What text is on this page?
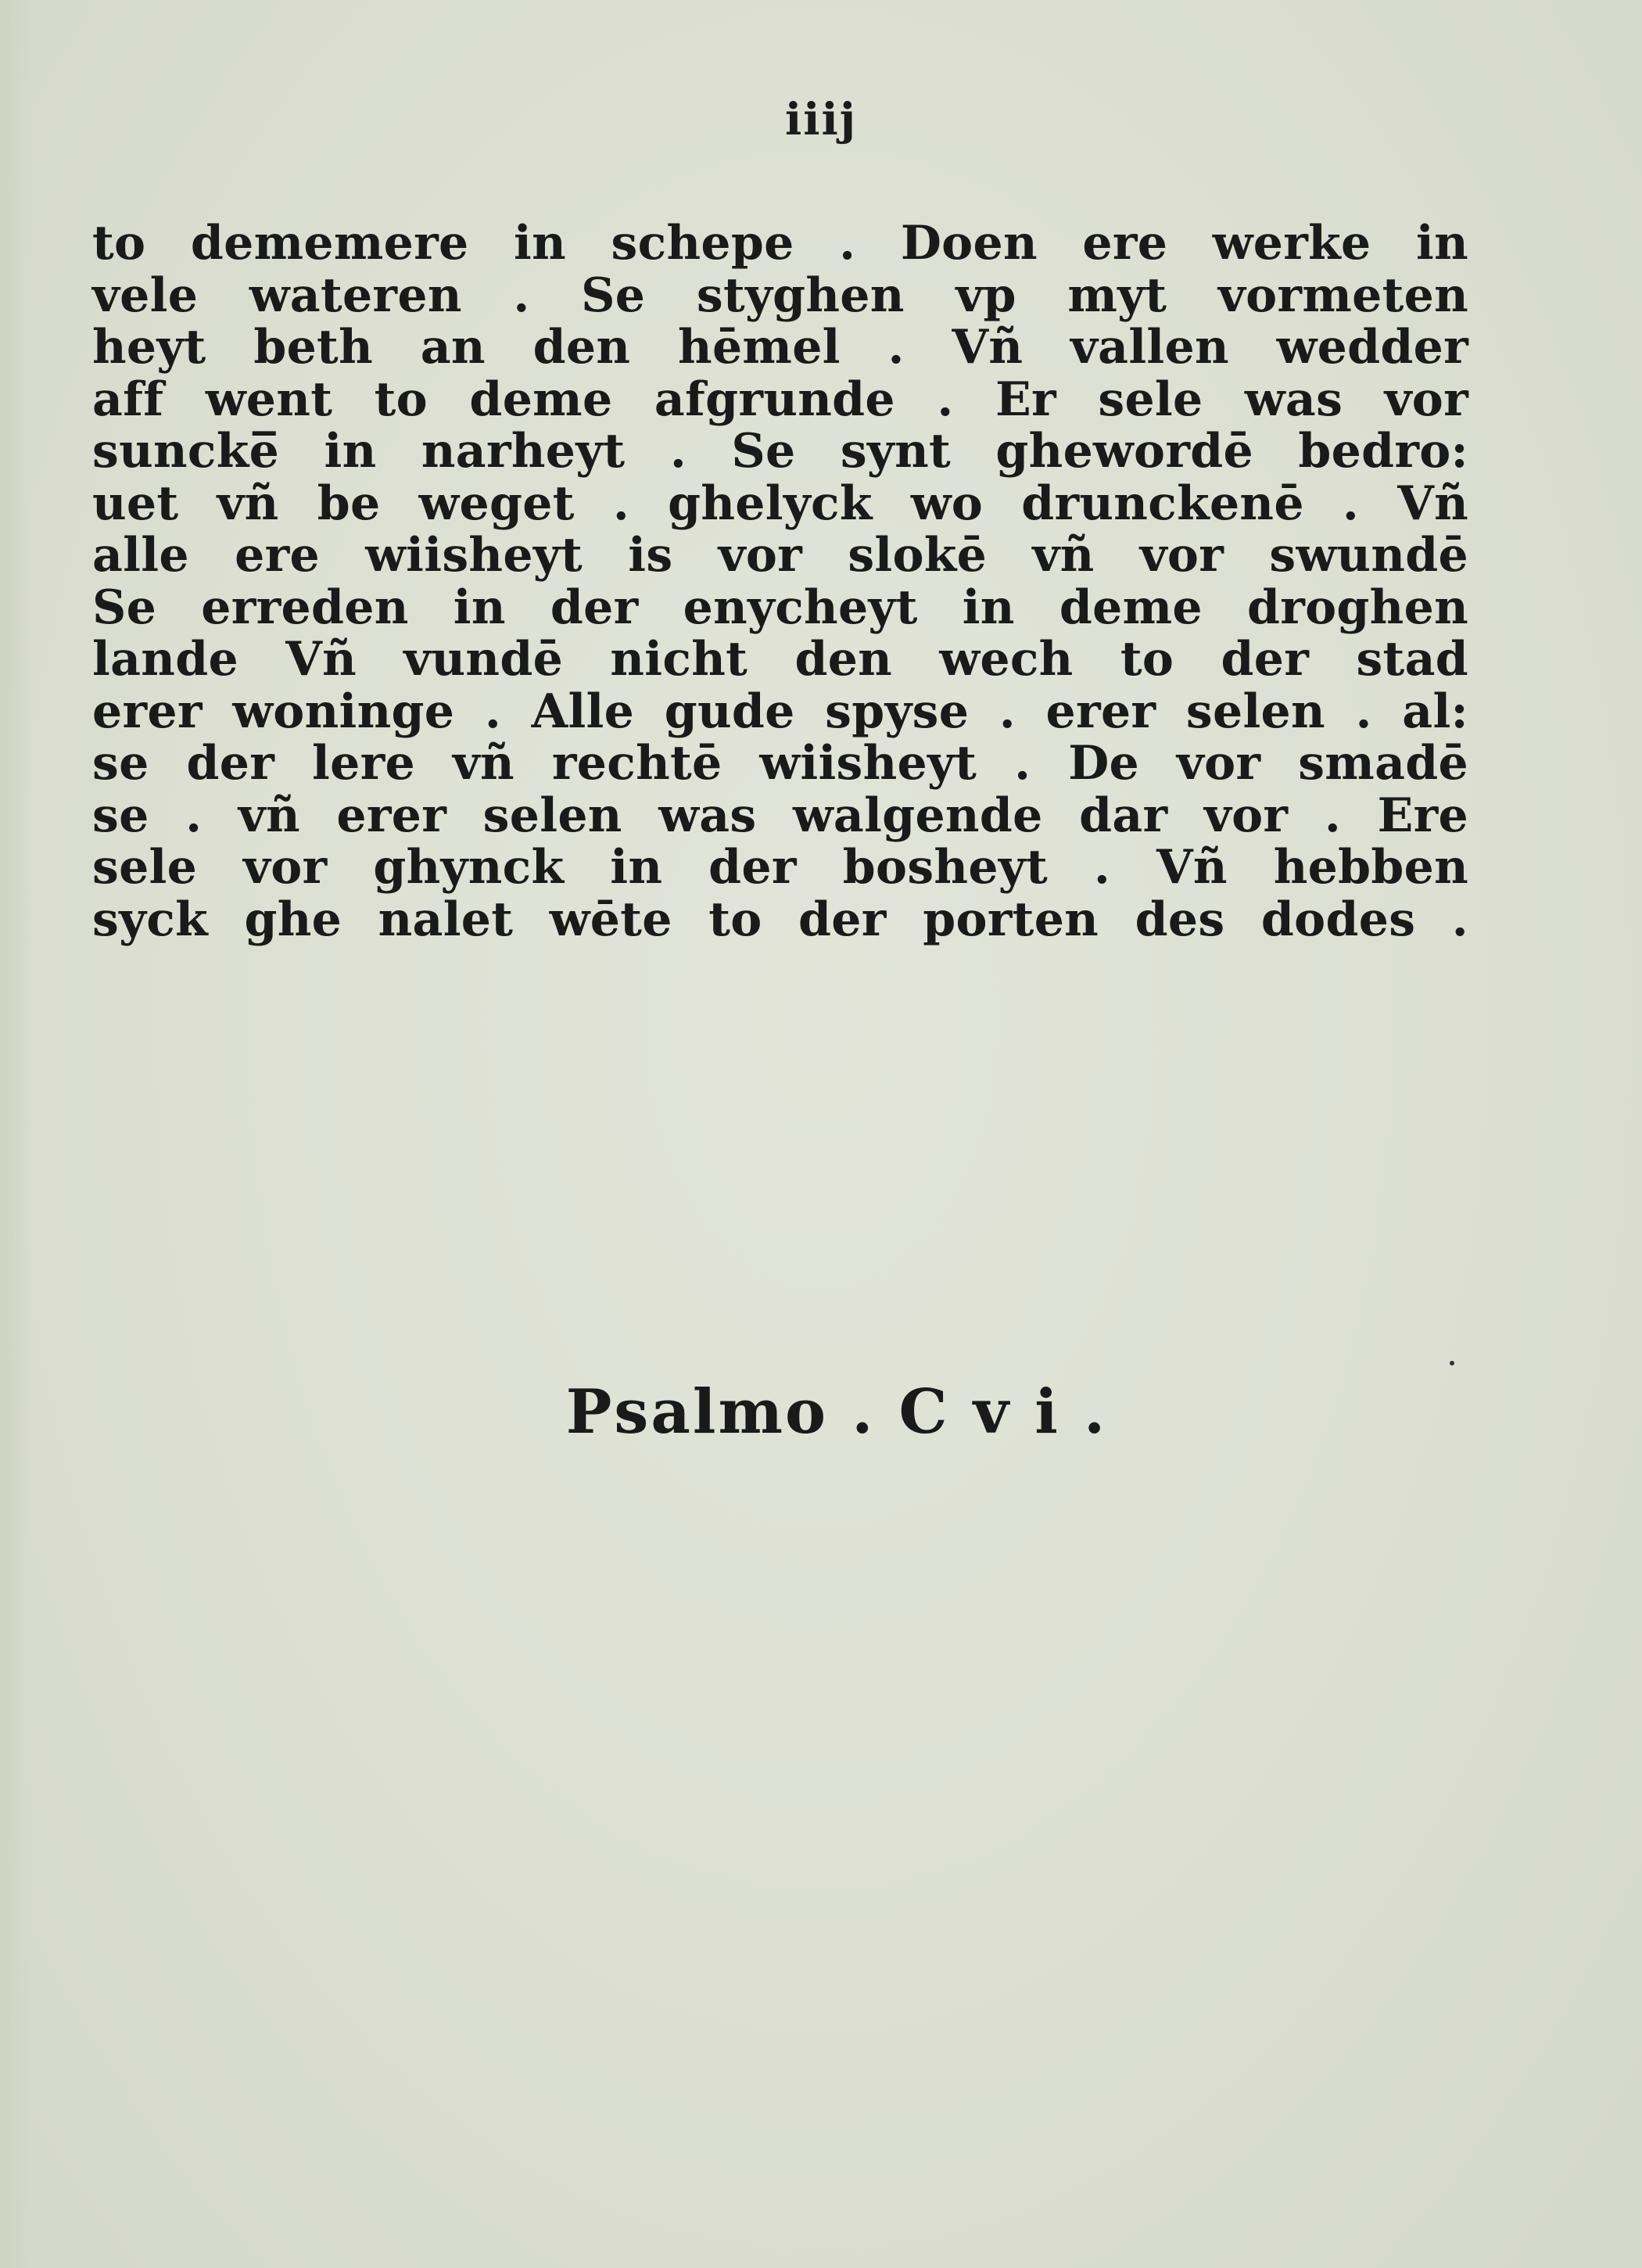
iiij
to dememere in schepe . Doen ere werke in
vele wateren . Se styghen vp myt vormeten
heyt beth an den hēmel . Vñ vallen wedder
aff went to deme afgrunde . Er sele was vor
suncke̅ in narheyt . Se synt ghewordē bedro:
uet vñ be weget . ghelyck wo drunckenē . Vñ
alle ere wiisheyt is vor slokē vñ vor swundē
Se erreden in der enycheyt in deme droghen
lande Vñ vundē nicht den wech to der stad
erer woninge . Alle gude spyse . erer selen . al:
se der lere vñ rechtē wiisheyt . De vor smadē
se . vñ erer selen was walgende dar vor . Ere
sele vor ghynck in der bosheyt . Vñ hebben
syck ghe nalet wēte to der porten des dodes .
Psalmo . C v i .
